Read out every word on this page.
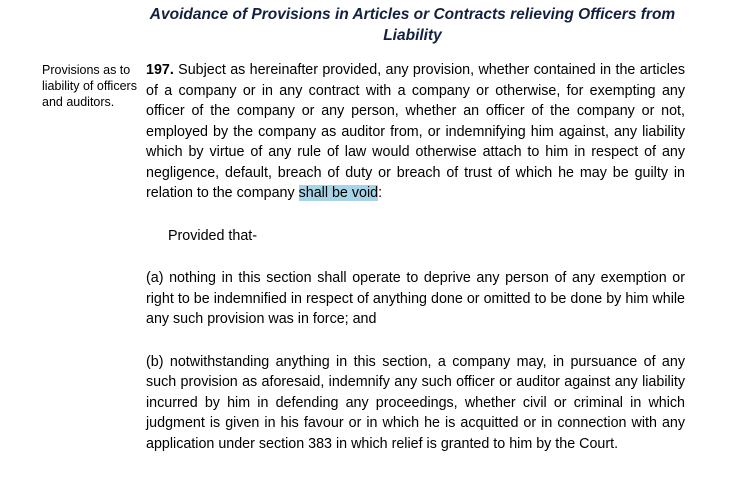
Avoidance of Provisions in Articles or Contracts relieving Officers from Liability
Provisions as to liability of officers and auditors.

197. Subject as hereinafter provided, any provision, whether contained in the articles of a company or in any contract with a company or otherwise, for exempting any officer of the company or any person, whether an officer of the company or not, employed by the company as auditor from, or indemnifying him against, any liability which by virtue of any rule of law would otherwise attach to him in respect of any negligence, default, breach of duty or breach of trust of which he may be guilty in relation to the company shall be void:

Provided that-

(a) nothing in this section shall operate to deprive any person of any exemption or right to be indemnified in respect of anything done or omitted to be done by him while any such provision was in force; and

(b) notwithstanding anything in this section, a company may, in pursuance of any such provision as aforesaid, indemnify any such officer or auditor against any liability incurred by him in defending any proceedings, whether civil or criminal in which judgment is given in his favour or in which he is acquitted or in connection with any application under section 383 in which relief is granted to him by the Court.
